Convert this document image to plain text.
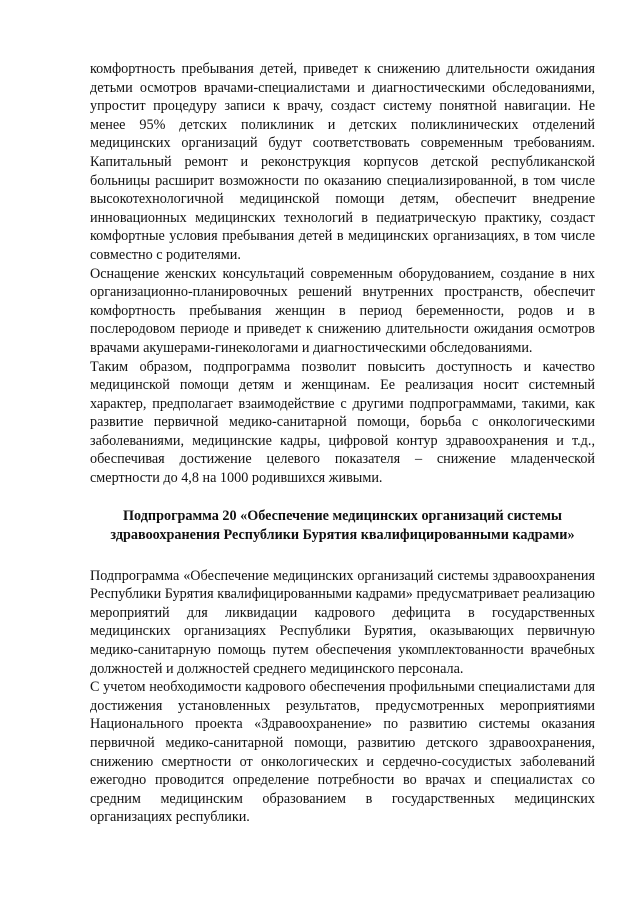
комфортность пребывания детей, приведет к снижению длительности ожидания детьми осмотров врачами-специалистами и диагностическими обследованиями, упростит процедуру записи к врачу, создаст систему понятной навигации. Не менее 95% детских поликлиник и детских поликлинических отделений медицинских организаций будут соответствовать современным требованиям. Капитальный ремонт и реконструкция корпусов детской республиканской больницы расширит возможности по оказанию специализированной, в том числе высокотехнологичной медицинской помощи детям, обеспечит внедрение инновационных медицинских технологий в педиатрическую практику, создаст комфортные условия пребывания детей в медицинских организациях, в том числе совместно с родителями.

Оснащение женских консультаций современным оборудованием, создание в них организационно-планировочных решений внутренних пространств, обеспечит комфортность пребывания женщин в период беременности, родов и в послеродовом периоде и приведет к снижению длительности ожидания осмотров врачами акушерами-гинекологами и диагностическими обследованиями.

Таким образом, подпрограмма позволит повысить доступность и качество медицинской помощи детям и женщинам. Ее реализация носит системный характер, предполагает взаимодействие с другими подпрограммами, такими, как развитие первичной медико-санитарной помощи, борьба с онкологическими заболеваниями, медицинские кадры, цифровой контур здравоохранения и т.д., обеспечивая достижение целевого показателя – снижение младенческой смертности до 4,8 на 1000 родившихся живыми.

Подпрограмма 20 «Обеспечение медицинских организаций системы
здравоохранения Республики Бурятия квалифицированными кадрами»

Подпрограмма «Обеспечение медицинских организаций системы здравоохранения Республики Бурятия квалифицированными кадрами» предусматривает реализацию мероприятий для ликвидации кадрового дефицита в государственных медицинских организациях Республики Бурятия, оказывающих первичную медико-санитарную помощь путем обеспечения укомплектованности врачебных должностей и должностей среднего медицинского персонала.

С учетом необходимости кадрового обеспечения профильными специалистами для достижения установленных результатов, предусмотренных мероприятиями Национального проекта «Здравоохранение» по развитию системы оказания первичной медико-санитарной помощи, развитию детского здравоохранения, снижению смертности от онкологических и сердечно-сосудистых заболеваний ежегодно проводится определение потребности во врачах и специалистах со средним медицинским образованием в государственных медицинских организациях республики.
